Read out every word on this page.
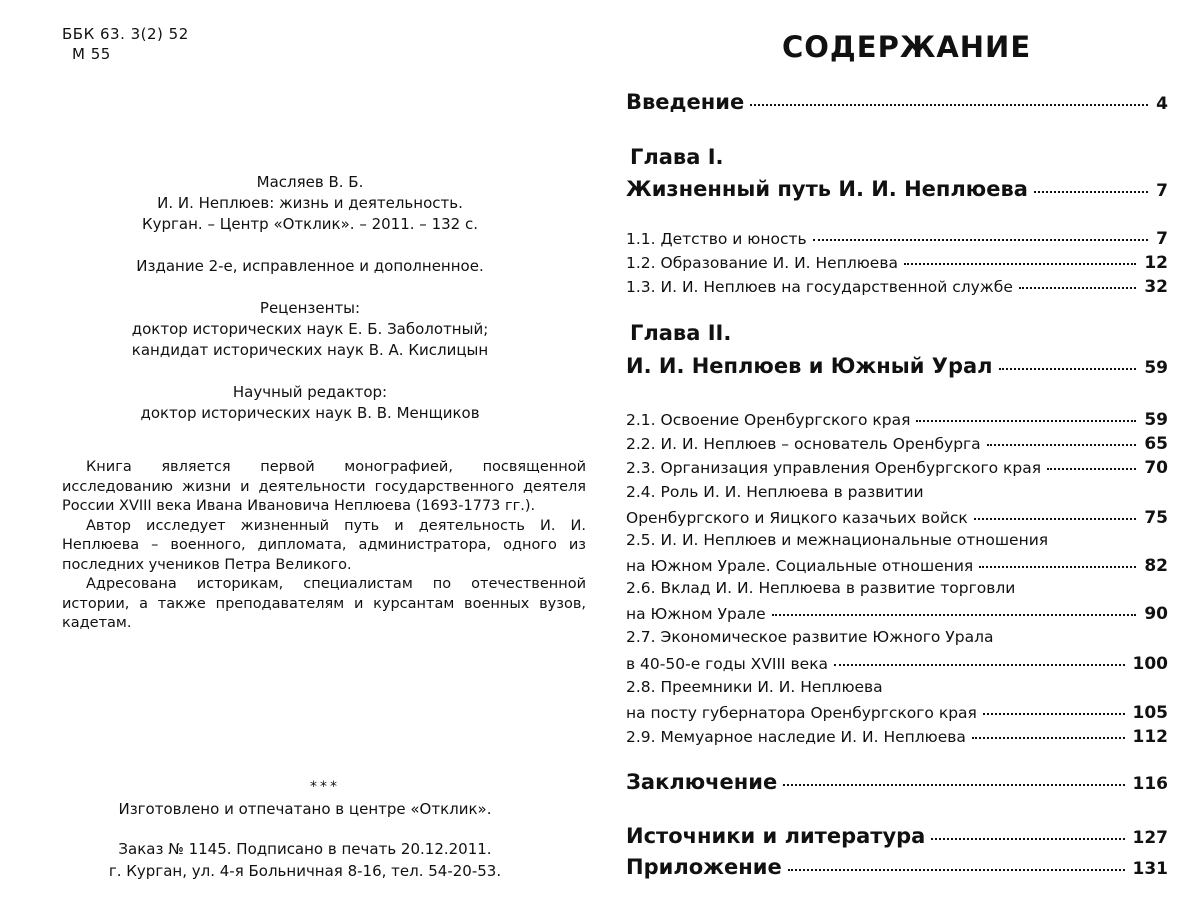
ББК 63. 3(2) 52
М 55
Масляев В. Б.
И. И. Неплюев: жизнь и деятельность.
Курган. – Центр «Отклик». – 2011. – 132 с.
Издание 2-е, исправленное и дополненное.
Рецензенты:
доктор исторических наук Е. Б. Заболотный;
кандидат исторических наук В. А. Кислицын
Научный редактор:
доктор исторических наук В. В. Менщиков

Книга является первой монографией, посвященной исследованию жизни и деятельности государственного деятеля России XVIII века Ивана Ивановича Неплюева (1693-1773 гг.).

Автор исследует жизненный путь и деятельность И. И. Неплюева – военного, дипломата, администратора, одного из последних учеников Петра Великого.

Адресована историкам, специалистам по отечественной истории, а также преподавателям и курсантам военных вузов, кадетам.

***
Изготовлено и отпечатано в центре «Отклик».
Заказ № 1145. Подписано в печать 20.12.2011.
г. Курган, ул. 4-я Больничная 8-16, тел. 54-20-53.
СОДЕРЖАНИЕ
Введение	4
Глава I.
Жизненный путь И. И. Неплюева	7
1.1. Детство и юность	7
1.2. Образование И. И. Неплюева	12
1.3. И. И. Неплюев на государственной службе	32
Глава II.
И. И. Неплюев и Южный Урал	59
2.1. Освоение Оренбургского края	59
2.2. И. И. Неплюев – основатель Оренбурга	65
2.3. Организация управления Оренбургского края	70
2.4. Роль И. И. Неплюева в развитии
Оренбургского и Яицкого казачьих войск	75
2.5. И. И. Неплюев и межнациональные отношения
на Южном Урале. Социальные отношения	82
2.6. Вклад И. И. Неплюева в развитие торговли
на Южном Урале	90
2.7. Экономическое развитие Южного Урала
в 40-50-е годы XVIII века	100
2.8. Преемники И. И. Неплюева
на посту губернатора Оренбургского края	105
2.9. Мемуарное наследие И. И. Неплюева	112
Заключение	116
Источники и литература	127
Приложение	131
